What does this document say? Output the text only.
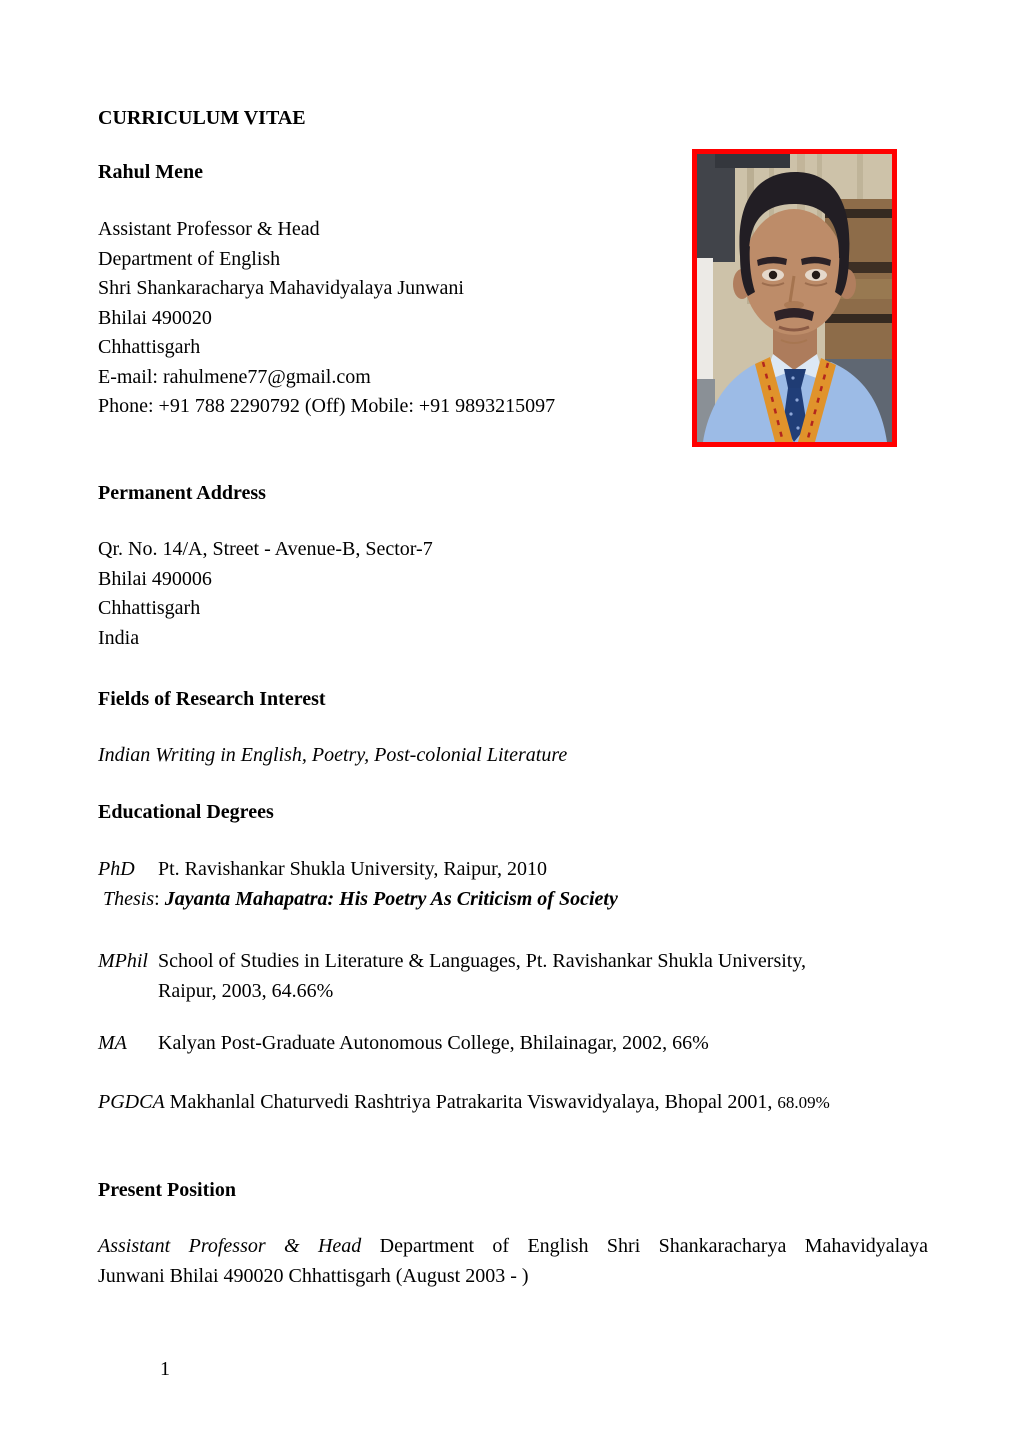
CURRICULUM VITAE
Rahul Mene
Assistant Professor & Head
Department of English
Shri Shankaracharya Mahavidyalaya Junwani
Bhilai 490020
Chhattisgarh
E-mail: rahulmene77@gmail.com
Phone: +91 788 2290792 (Off) Mobile: +91 9893215097
Permanent Address
Qr. No. 14/A, Street - Avenue-B, Sector-7
Bhilai 490006
Chhattisgarh
India
Fields of Research Interest
Indian Writing in English, Poetry, Post-colonial Literature
Educational Degrees
PhD	Pt. Ravishankar Shukla University, Raipur, 2010
Thesis: Jayanta Mahapatra: His Poetry As Criticism of Society
MPhil School of Studies in Literature & Languages, Pt. Ravishankar Shukla University,
Raipur, 2003, 64.66%
MA	Kalyan Post-Graduate Autonomous College, Bhilainagar, 2002, 66%
PGDCA Makhanlal Chaturvedi Rashtriya Patrakarita Viswavidyalaya, Bhopal 2001, 68.09%
Present Position
Assistant Professor & Head Department of English Shri Shankaracharya Mahavidyalaya
Junwani Bhilai 490020 Chhattisgarh (August 2003 - )
1
